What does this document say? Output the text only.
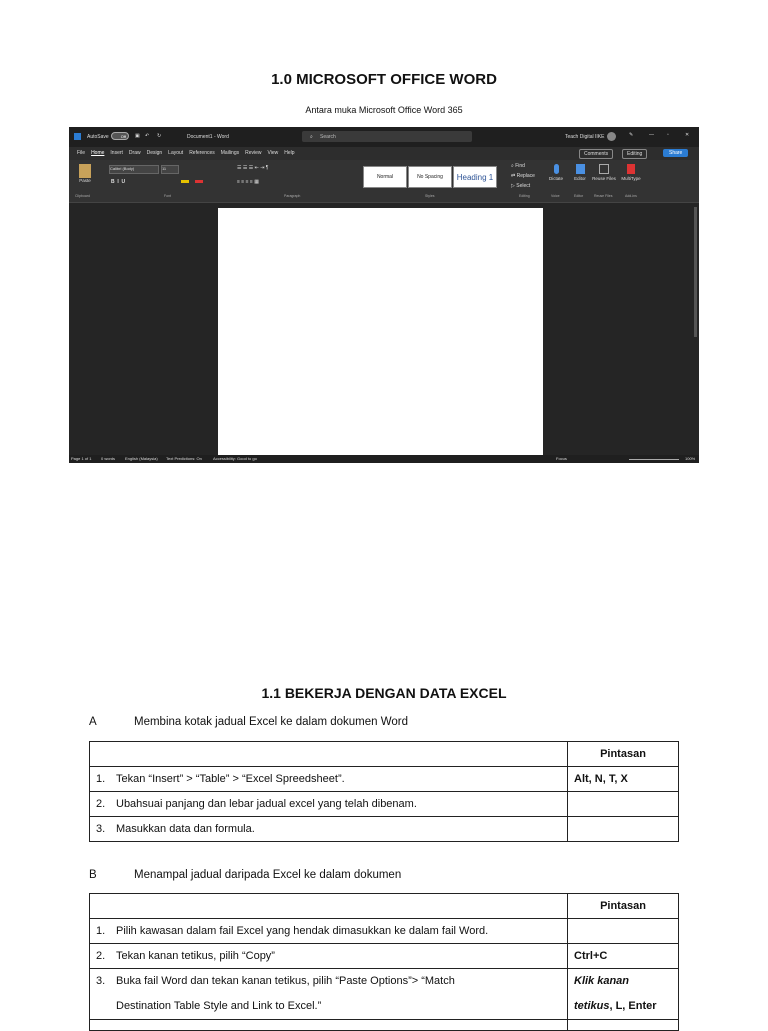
1.0 MICROSOFT OFFICE WORD
Antara muka Microsoft Office Word 365
AutoSave	Off	▣ ↶ ↻	Document1 - Word	⌕ Search	Teach Digital IIKE	✎	—	▫	✕
File Home Insert Draw Design Layout References Mailings Review View Help	Comments	Editing	Share
Paste
Calibri (Body)	11
B  I  U
☰ ☰ ☰ ⇤ ⇥ ¶
≡ ≡ ≡ ≡ ▦
Normal	No Spacing Heading 1
⌕ Find
⇄ Replace
▷ Select
Dictate	Editor	Reuse Files	MultiType
Clipboard	Font	Paragraph	Styles	Editing	Voice	Editor	Reuse Files	Add-ins
Page 1 of 1 0 words English (Malaysia) Text Predictions: On	Accessibility: Good to go	Focus	100%
1.1 BEKERJA DENGAN DATA EXCEL
A	Membina kotak jadual Excel ke dalam dokumen Word
	Pintasan
1. Tekan “Insert” > “Table” > “Excel Spreedsheet”.	Alt, N, T, X
2. Ubahsuai panjang dan lebar jadual excel yang telah dibenam.	
3. Masukkan data dan formula.	
B	Menampal jadual daripada Excel ke dalam dokumen
	Pintasan
1. Pilih kawasan dalam fail Excel yang hendak dimasukkan ke dalam fail Word.	
2. Tekan kanan tetikus, pilih “Copy”	Ctrl+C
3. Buka fail Word dan tekan kanan tetikus, pilih “Paste Options”> “Match
Destination Table Style and Link to Excel.”	Klik kanan
tetikus, L, Enter
